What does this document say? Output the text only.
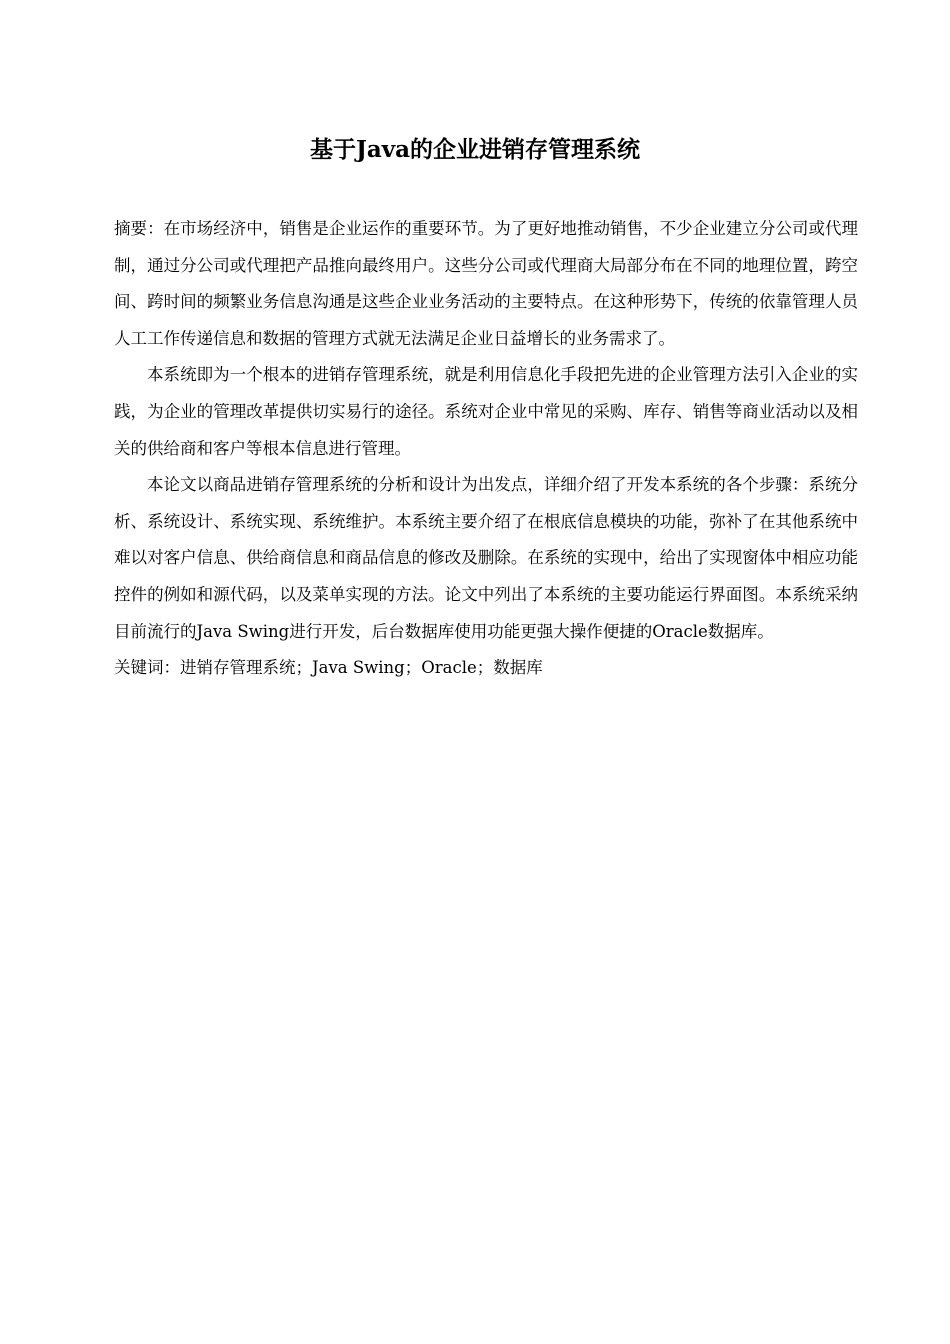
基于Java的企业进销存管理系统

摘要：在市场经济中，销售是企业运作的重要环节。为了更好地推动销售，不少企业建立分公司或代理制，通过分公司或代理把产品推向最终用户。这些分公司或代理商大局部分布在不同的地理位置，跨空间、跨时间的频繁业务信息沟通是这些企业业务活动的主要特点。在这种形势下，传统的依靠管理人员人工工作传递信息和数据的管理方式就无法满足企业日益增长的业务需求了。

本系统即为一个根本的进销存管理系统，就是利用信息化手段把先进的企业管理方法引入企业的实践，为企业的管理改革提供切实易行的途径。系统对企业中常见的采购、库存、销售等商业活动以及相关的供给商和客户等根本信息进行管理。

本论文以商品进销存管理系统的分析和设计为出发点，详细介绍了开发本系统的各个步骤：系统分析、系统设计、系统实现、系统维护。本系统主要介绍了在根底信息模块的功能，弥补了在其他系统中难以对客户信息、供给商信息和商品信息的修改及删除。在系统的实现中，给出了实现窗体中相应功能控件的例如和源代码，以及菜单实现的方法。论文中列出了本系统的主要功能运行界面图。本系统采纳目前流行的Java Swing进行开发，后台数据库使用功能更强大操作便捷的Oracle数据库。

关键词：进销存管理系统；Java Swing；Oracle；数据库
